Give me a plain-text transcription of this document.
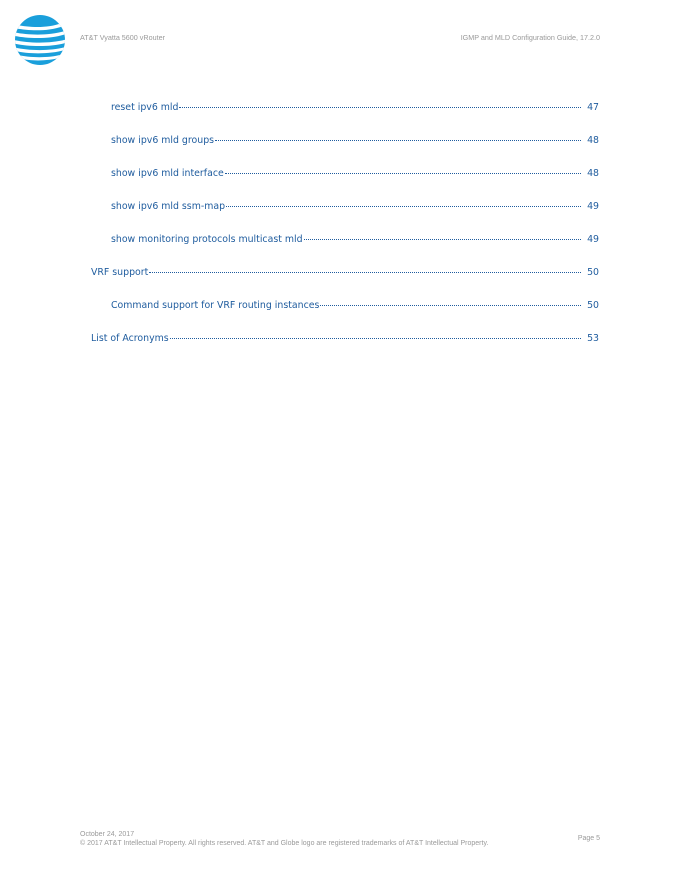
AT&T Vyatta 5600 vRouter	IGMP and MLD Configuration Guide, 17.2.0
reset ipv6 mld	47
show ipv6 mld groups	48
show ipv6 mld interface	48
show ipv6 mld ssm-map	49
show monitoring protocols multicast mld	49
VRF support	50
Command support for VRF routing instances	50
List of Acronyms	53
October 24, 2017
© 2017 AT&T Intellectual Property. All rights reserved. AT&T and Globe logo are registered trademarks of AT&T Intellectual Property.
Page 5
